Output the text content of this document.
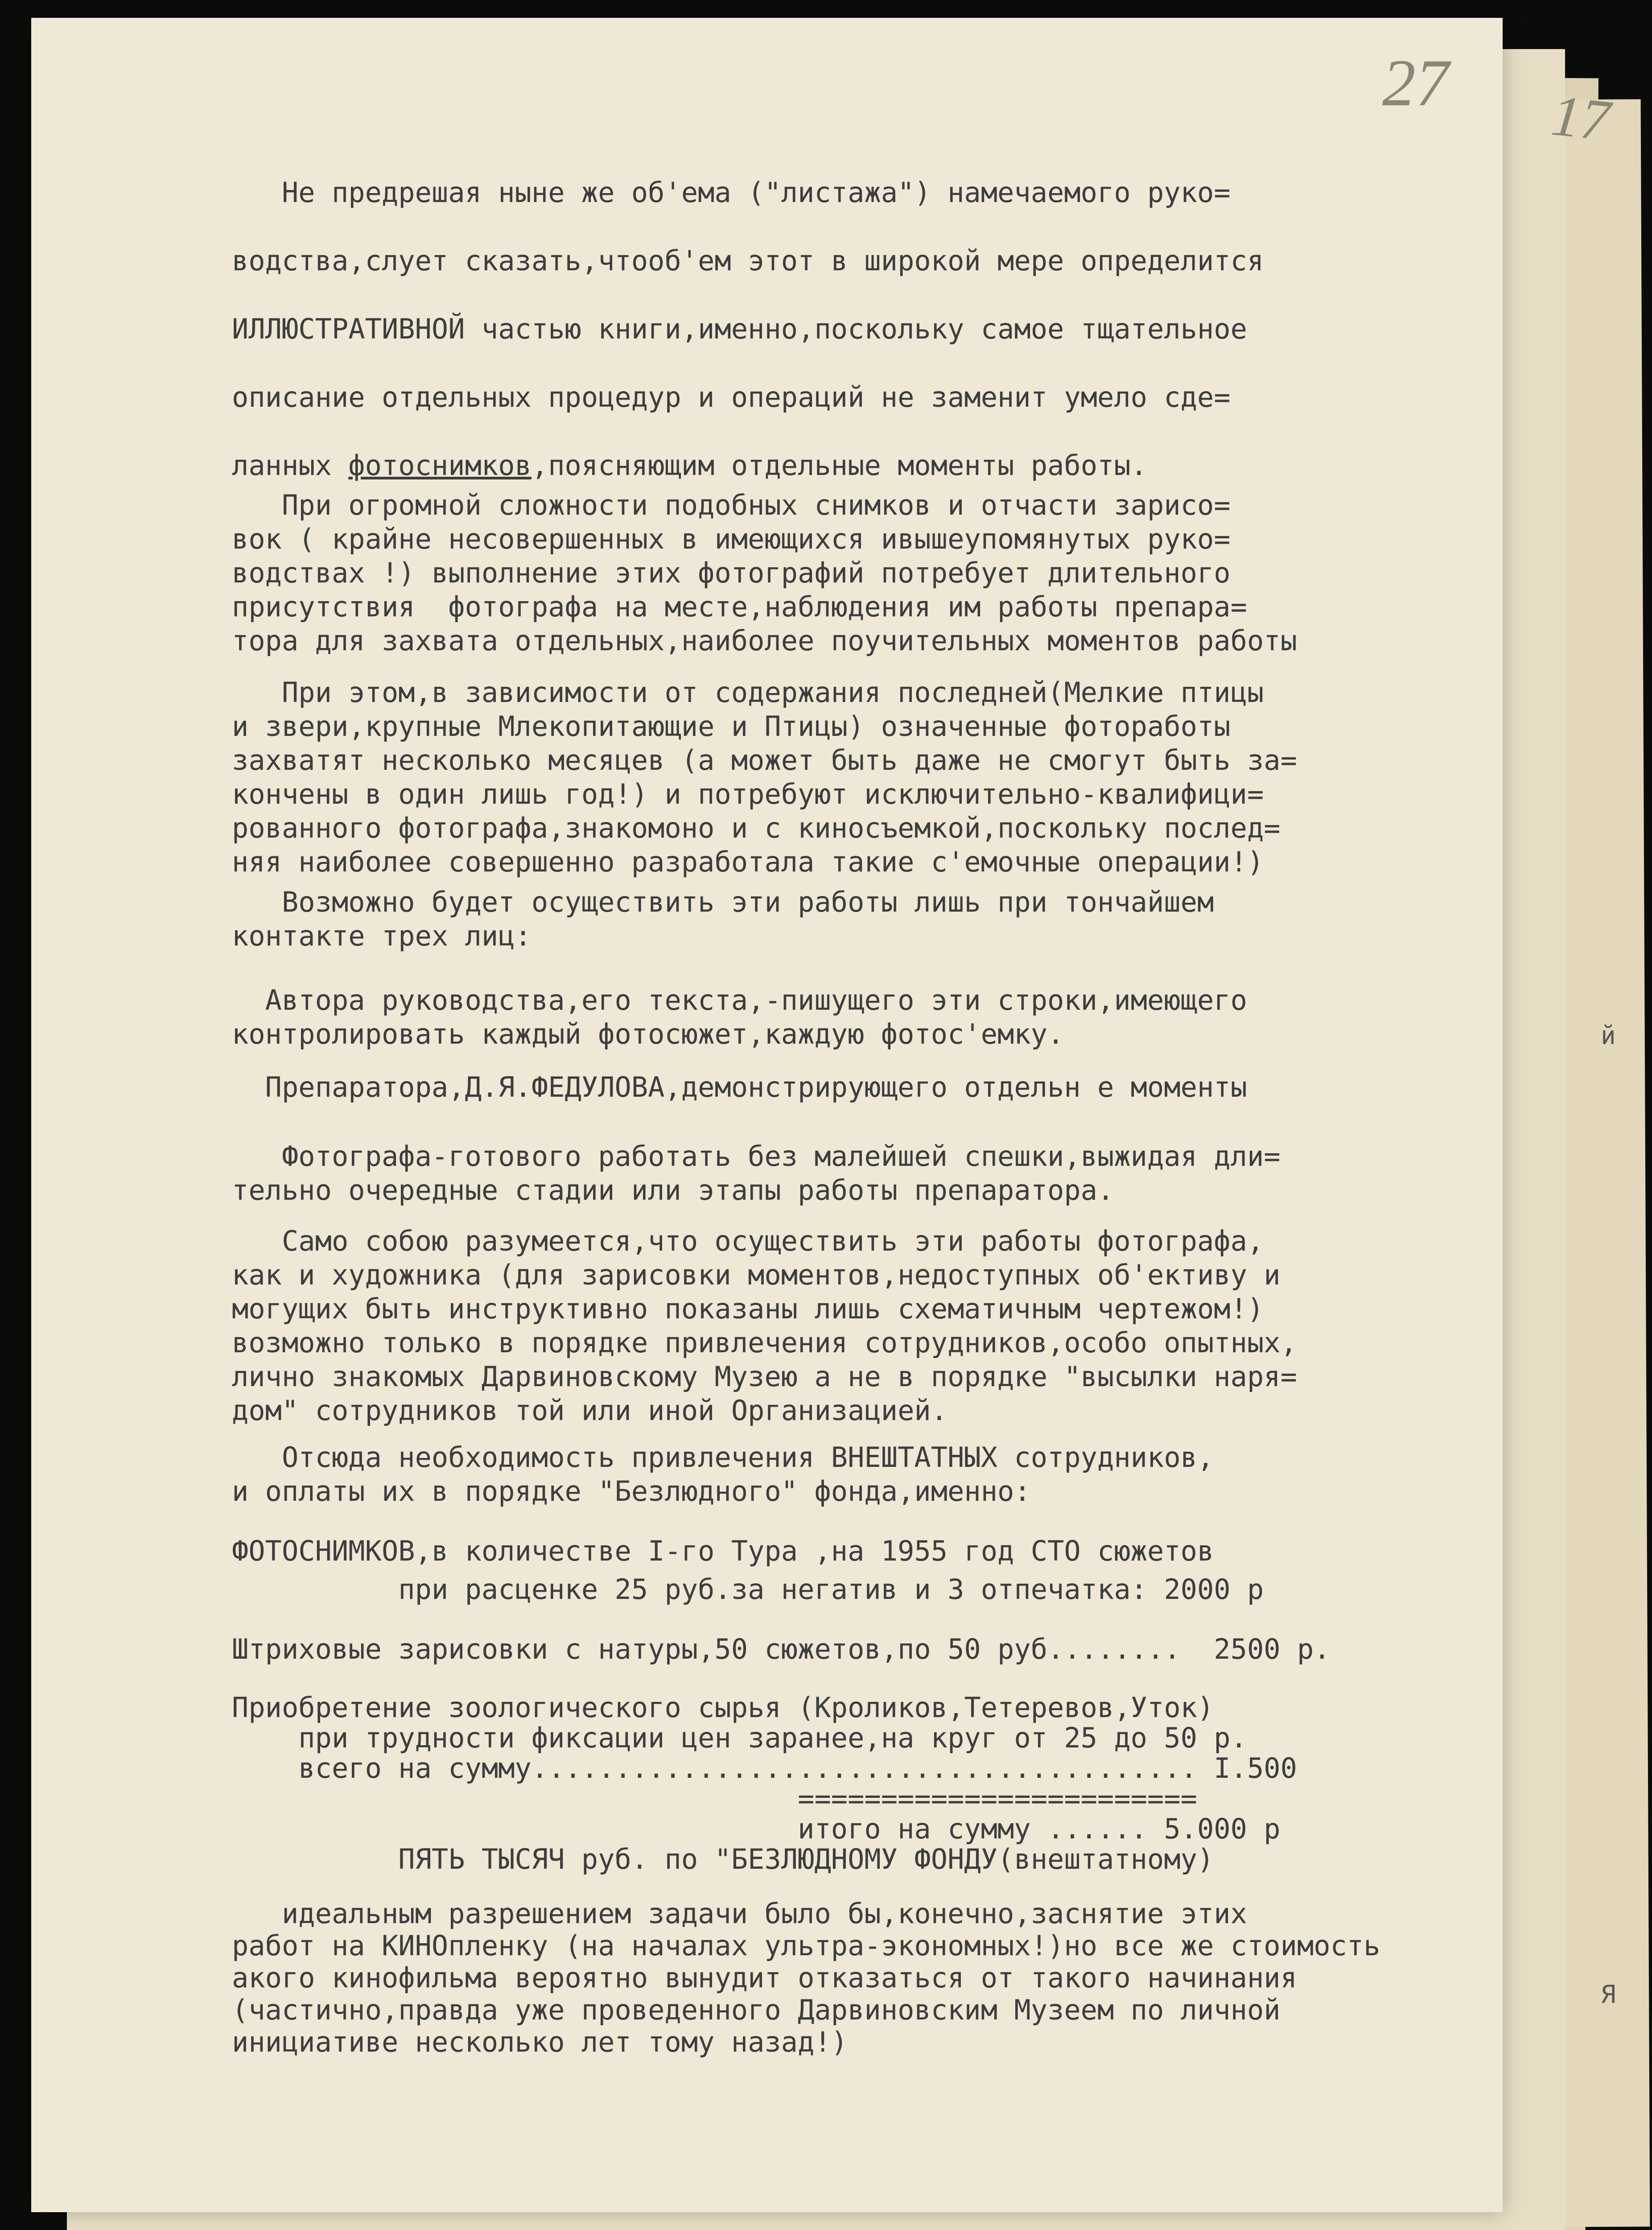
17
й
Я
27
Не предрешая ныне же об'ема ("листажа") намечаемого руко=
водства,слует сказать,чтооб'ем этот в широкой мере определится
ИЛЛЮСТРАТИВНОЙ частью книги,именно,поскольку самое тщательное
описание отдельных процедур и операций не заменит умело сде=
ланных фотоснимков,поясняющим отдельные моменты работы.
При огромной сложности подобных снимков и отчасти зарисо=
вок ( крайне несовершенных в имеющихся ивышеупомянутых руко=
водствах !) выполнение этих фотографий потребует длительного
присутствия  фотографа на месте,наблюдения им работы препара=
тора для захвата отдельных,наиболее поучительных моментов работы
При этом,в зависимости от содержания последней(Мелкие птицы
и звери,крупные Млекопитающие и Птицы) означенные фоторaботы
захватят несколько месяцев (а может быть даже не смогут быть за=
кончены в один лишь год!) и потребуют исключительно-квалифици=
рованного фотографа,знакомоно и с киносъемкой,поскольку послед=
няя наиболее совершенно разработала такие с'емочные операции!)
Возможно будет осуществить эти работы лишь при тончайшем
контакте трех лиц:
Автора руководства,его текста,-пишущего эти строки,имеющего
контролировать каждый фотосюжет,каждую фотос'емку.
Препаратора,Д.Я.ФЕДУЛОВА,демонстрирующего отдельн е моменты
Фотографа-готового работать без малейшей спешки,выжидая дли=
тельно очередные стадии или этапы работы препаратора.
Само собою разумеется,что осуществить эти работы фотографа,
как и художника (для зарисовки моментов,недоступных об'ективу и
могущих быть инструктивно показаны лишь схематичным чертежом!)
возможно только в порядке привлечения сотрудников,особо опытных,
лично знакомых Дарвиновскому Музею а не в порядке "высылки наря=
дом" сотрудников той или иной Организацией.
Отсюда необходимость привлечения ВНЕШТАТНЫХ сотрудников,
и оплаты их в порядке "Безлюдного" фонда,именно:
ФОТОСНИМКОВ,в количестве I-го Тура ,на 1955 год СТО сюжетов
при расценке 25 руб.за негатив и 3 отпечатка: 2000 р
Штриховые зарисовки с натуры,50 сюжетов,по 50 руб........  2500 р.
Приобретение зоологического сырья (Кроликов,Тетеревов,Уток)
при трудности фиксации цен заранее,на круг от 25 до 50 р.
всего на сумму........................................ I.500
========================
итого на сумму ...... 5.000 р
ПЯТЬ ТЫСЯЧ руб. по "БЕЗЛЮДНОМУ ФОНДУ(внештатному)
идеальным разрешением задачи было бы,конечно,заснятие этих
работ на КИНОпленку (на началах ультра-экономных!)но все же стоимость
акого кинофильма вероятно вынудит отказаться от такого начинания
(частично,правда уже проведенного Дарвиновским Музеем по личной
инициативе несколько лет тому назад!)
